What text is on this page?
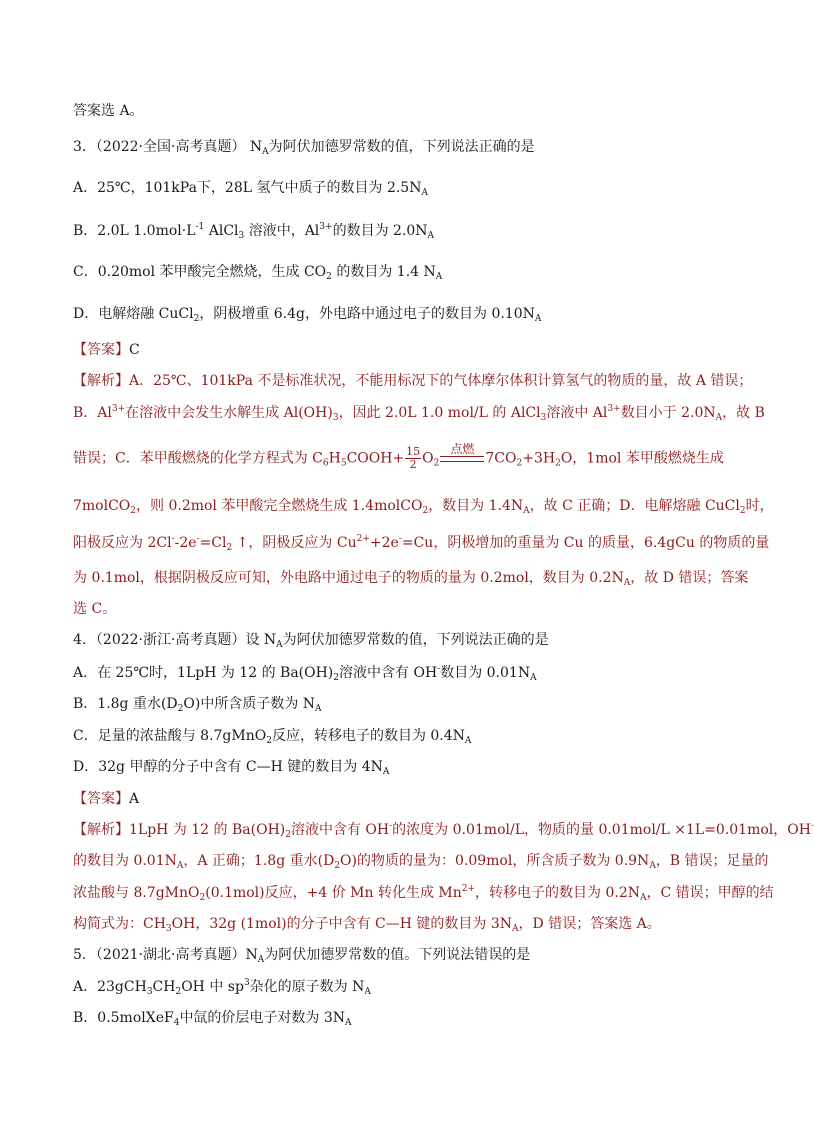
答案选 A。
3．（2022·全国·高考真题） $N_A$为阿伏加德罗常数的值，下列说法正确的是
A．25℃，101kPa下，28L 氢气中质子的数目为 $2.5N_A$
B．2.0L $1.0mol\cdot L^{-1}$ AlCl$_3$ 溶液中，$Al^{3+}$的数目为 $2.0N_A$
C．0.20mol 苯甲酸完全燃烧，生成 $CO_2$ 的数目为 1.4 $N_A$
D．电解熔融 CuCl$_2$，阴极增重 6.4g，外电路中通过电子的数目为 $0.10N_A$
【答案】C
【解析】A．25℃、101kPa 不是标准状况，不能用标况下的气体摩尔体积计算氢气的物质的量，故 A 错误；
B．$Al^{3+}$在溶液中会发生水解生成 $Al(OH)_3$，因此 2.0L 1.0 mol/L 的 AlCl$_3$溶液中 $Al^{3+}$数目小于 $2.0N_A$，故 B
错误；C．苯甲酸燃烧的化学方程式为 $C_6H_5COOH+ \frac{15}{2} O_2$
点燃
$7CO_2+3H_2O$，1mol 苯甲酸燃烧生成
7molCO$_2$，则 0.2mol 苯甲酸完全燃烧生成 1.4molCO$_2$，数目为 $1.4N_A$，故 C 正确；D．电解熔融 CuCl$_2$时，
阳极反应为 $2Cl^--2e^-=Cl_2$ ↑，阴极反应为 $Cu^{2+}+2e^-=Cu$，阴极增加的重量为 Cu 的质量，6.4gCu 的物质的量
为 0.1mol，根据阴极反应可知，外电路中通过电子的物质的量为 0.2mol，数目为 $0.2N_A$，故 D 错误；答案
选 C。
4．（2022·浙江·高考真题）设 $N_A$为阿伏加德罗常数的值，下列说法正确的是
A．在 25℃时，1LpH 为 12 的 $Ba(OH)_2$溶液中含有 OH-数目为 $0.01N_A$
B．1.8g 重水$(D_2O)$中所含质子数为 $N_A$
C．足量的浓盐酸与 8.7gMnO$_2$反应，转移电子的数目为 $0.4N_A$
D．32g 甲醇的分子中含有 C—H 键的数目为 $4N_A$
【答案】A
【解析】1LpH 为 12 的 $Ba(OH)_2$溶液中含有 OH-的浓度为 0.01mol/L，物质的量 0.01mol/L ×1L=0.01mol，OH-
的数目为 $0.01N_A$，A 正确；1.8g 重水$(D_2O)$的物质的量为：0.09mol，所含质子数为 $0.9N_A$，B 错误；足量的
浓盐酸与 8.7gMnO$_2$(0.1mol)反应，+4 价 Mn 转化生成 $Mn^{2+}$，转移电子的数目为 $0.2N_A$，C 错误；甲醇的结
构简式为：$CH_3OH$，32g (1mol)的分子中含有 C—H 键的数目为 $3N_A$，D 错误；答案选 A。
5．（2021·湖北·高考真题）$N_A$为阿伏加德罗常数的值。下列说法错误的是
A．$23gCH_3CH_2OH$ 中 $sp^3$杂化的原子数为 $N_A$
B．0.5molXeF$_4$中氙的价层电子对数为 $3N_A$
